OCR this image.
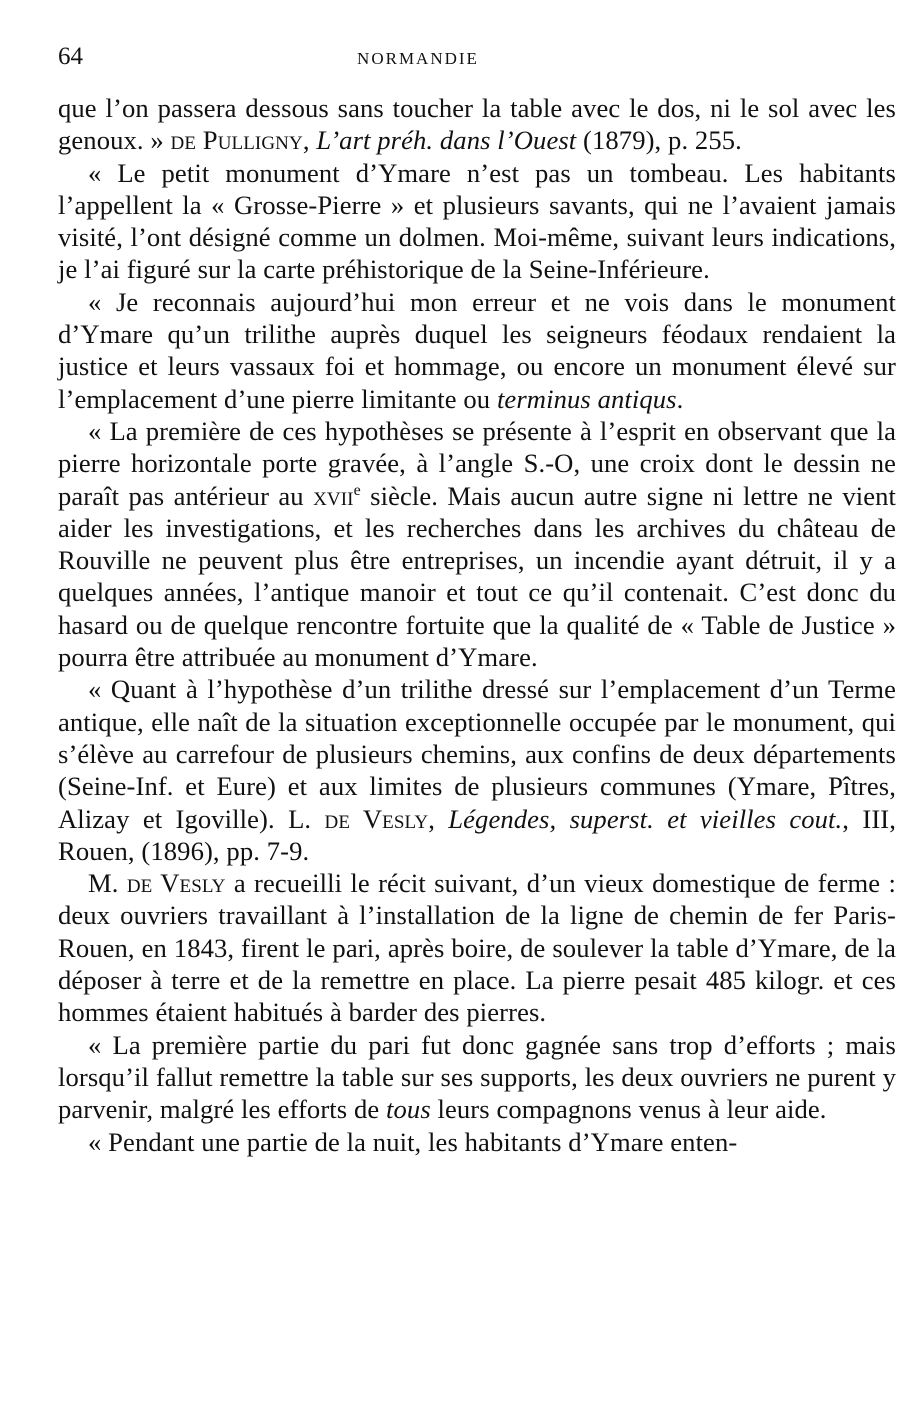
64	NORMANDIE

que l’on passera dessous sans toucher la table avec le dos, ni le sol avec les genoux. » de Pulligny, L’art préh. dans l’Ouest (1879), p. 255.

« Le petit monument d’Ymare n’est pas un tombeau. Les habitants l’appellent la « Grosse-Pierre » et plusieurs savants, qui ne l’avaient jamais visité, l’ont désigné comme un dolmen. Moi-même, suivant leurs indications, je l’ai figuré sur la carte préhistorique de la Seine-Inférieure.

« Je reconnais aujourd’hui mon erreur et ne vois dans le monument d’Ymare qu’un trilithe auprès duquel les seigneurs féodaux rendaient la justice et leurs vassaux foi et hommage, ou encore un monument élevé sur l’emplacement d’une pierre limitante ou terminus antiqus.

« La première de ces hypothèses se présente à l’esprit en observant que la pierre horizontale porte gravée, à l’angle S.-O, une croix dont le dessin ne paraît pas antérieur au xvii$^e$ siècle. Mais aucun autre signe ni lettre ne vient aider les investigations, et les recherches dans les archives du château de Rouville ne peuvent plus être entreprises, un incendie ayant détruit, il y a quelques années, l’antique manoir et tout ce qu’il contenait. C’est donc du hasard ou de quelque rencontre fortuite que la qualité de « Table de Justice » pourra être attribuée au monument d’Ymare.

« Quant à l’hypothèse d’un trilithe dressé sur l’emplacement d’un Terme antique, elle naît de la situation exceptionnelle occupée par le monument, qui s’élève au carrefour de plusieurs chemins, aux confins de deux départements (Seine-Inf. et Eure) et aux limites de plusieurs communes (Ymare, Pîtres, Alizay et Igoville). L. de Vesly, Légendes, superst. et vieilles cout., III, Rouen, (1896), pp. 7-9.

M. de Vesly a recueilli le récit suivant, d’un vieux domestique de ferme : deux ouvriers travaillant à l’installation de la ligne de chemin de fer Paris-Rouen, en 1843, firent le pari, après boire, de soulever la table d’Ymare, de la déposer à terre et de la remettre en place. La pierre pesait 485 kilogr. et ces hommes étaient habitués à barder des pierres.

« La première partie du pari fut donc gagnée sans trop d’efforts ; mais lorsqu’il fallut remettre la table sur ses supports, les deux ouvriers ne purent y parvenir, malgré les efforts de tous leurs compagnons venus à leur aide.

« Pendant une partie de la nuit, les habitants d’Ymare enten-
